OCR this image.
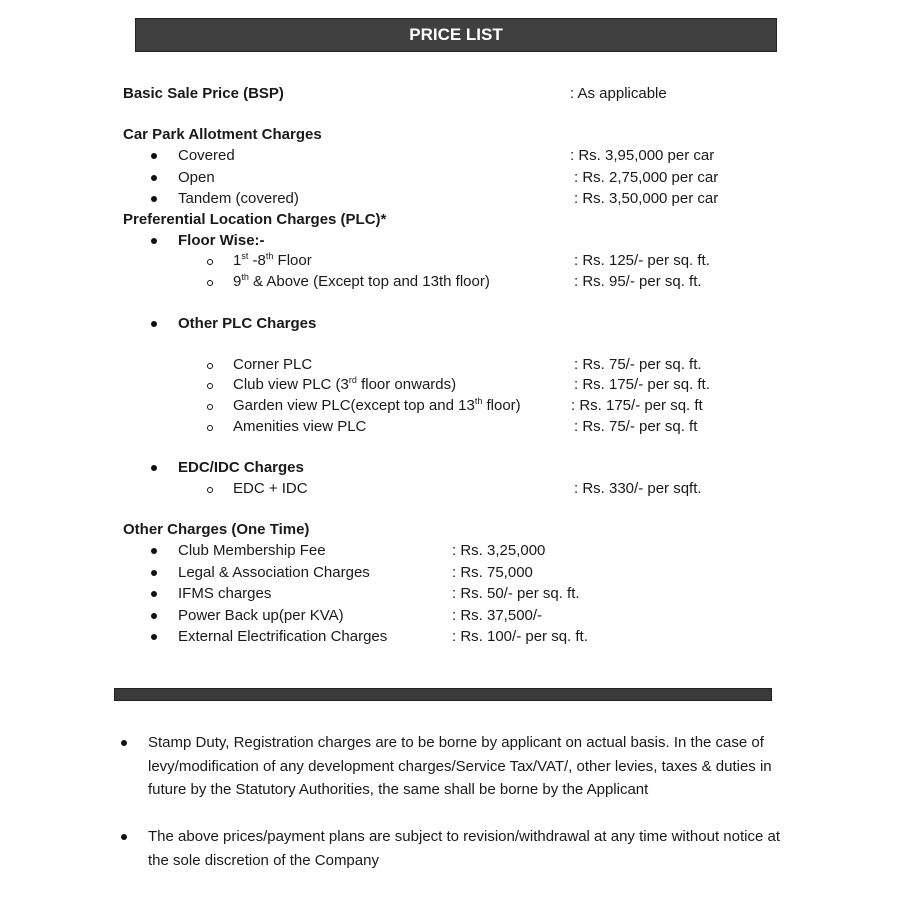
PRICE LIST
Basic Sale Price (BSP)	: As applicable
Car Park Allotment Charges
Covered	: Rs. 3,95,000 per car
Open	: Rs. 2,75,000 per car
Tandem (covered)	: Rs. 3,50,000 per car
Preferential Location Charges (PLC)*
Floor Wise:-
1st -8th Floor	: Rs. 125/- per sq. ft.
9th & Above (Except top and 13th floor)	: Rs. 95/- per sq. ft.
Other PLC Charges
Corner PLC	: Rs. 75/- per sq. ft.
Club view PLC (3rd floor onwards)	: Rs. 175/- per sq. ft.
Garden view PLC(except top and 13th floor)	: Rs. 175/- per sq. ft
Amenities view PLC	: Rs. 75/- per sq. ft
EDC/IDC Charges
EDC + IDC	: Rs. 330/- per sqft.
Other Charges (One Time)
Club Membership Fee	: Rs. 3,25,000
Legal & Association Charges	: Rs. 75,000
IFMS charges	: Rs. 50/- per sq. ft.
Power Back up(per KVA)	: Rs. 37,500/-
External Electrification Charges	: Rs. 100/- per sq. ft.
Stamp Duty, Registration charges are to be borne by applicant on actual basis. In the case of levy/modification of any development charges/Service Tax/VAT/, other levies, taxes & duties in future by the Statutory Authorities, the same shall be borne by the Applicant
The above prices/payment plans are subject to revision/withdrawal at any time without notice at the sole discretion of the Company
